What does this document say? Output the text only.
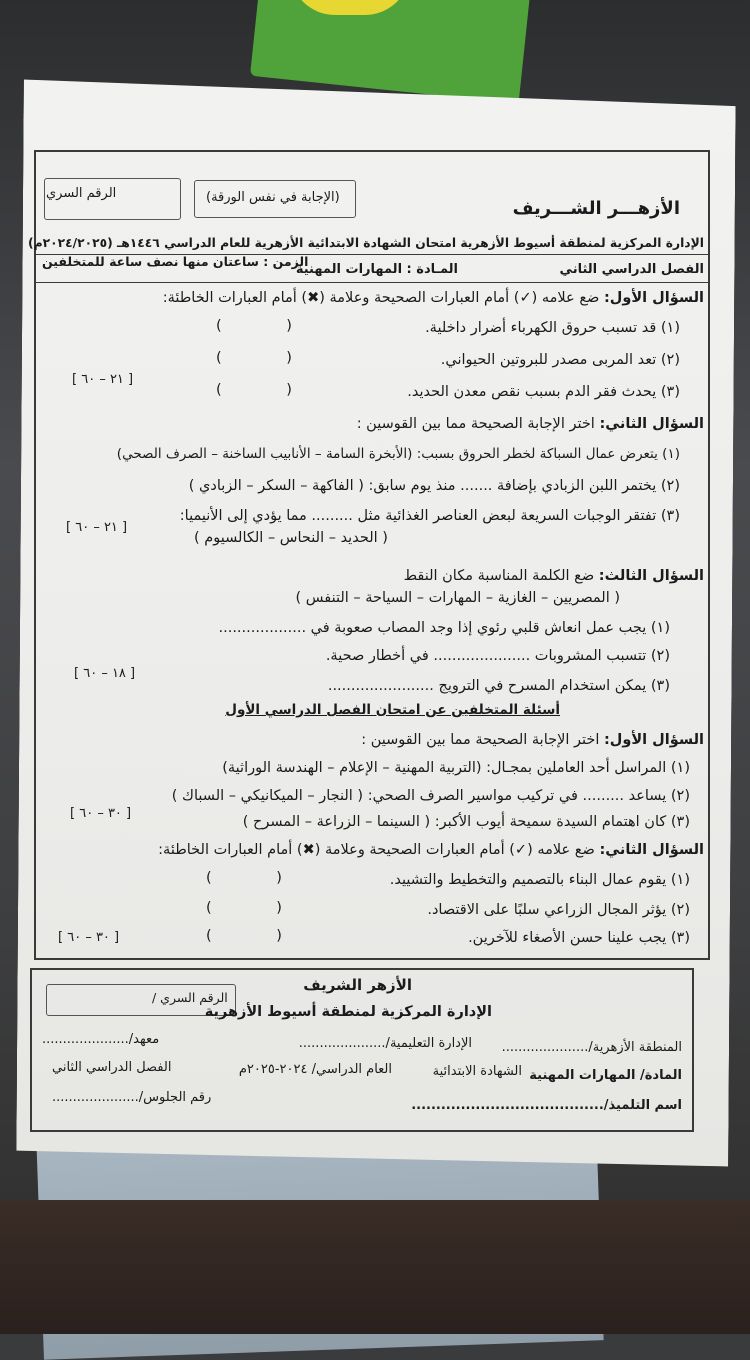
الأزهـــر الشـــريف
(الإجابة في نفس الورقة)
الرقم السري
الإدارة المركزية لمنطقة أسيوط الأزهرية امتحان الشهادة الابتدائية الأزهرية للعام الدراسي ١٤٤٦هـ (٢٠٢٤/٢٠٢٥م)
الفصل الدراسي الثاني
المـادة : المهارات المهنية
الزمن : ساعتان منها نصف ساعة للمتخلفين
السؤال الأول: ضع علامه (✓) أمام العبارات الصحيحة وعلامة (✖) أمام العبارات الخاطئة:
(١) قد تسبب حروق الكهرباء أضرار داخلية.
(٢) تعد المربى مصدر للبروتين الحيواني.
(٣) يحدث فقر الدم بسبب نقص معدن الحديد.
( )
( )
( )
[ ٢١ – ٦٠ ]
السؤال الثاني: اختر الإجابة الصحيحة مما بين القوسين :
(١) يتعرض عمال السباكة لخطر الحروق بسبب: (الأبخرة السامة – الأنابيب الساخنة – الصرف الصحي)
(٢) يختمر اللبن الزبادي بإضافة ....... منذ يوم سابق: ( الفاكهة – السكر – الزبادي )
(٣) تفتقر الوجبات السريعة لبعض العناصر الغذائية مثل ......... مما يؤدي إلى الأنيميا:
( الحديد – النحاس – الكالسيوم )
[ ٢١ – ٦٠ ]
السؤال الثالث: ضع الكلمة المناسبة مكان النقط
( المصريين – الغازية – المهارات – السياحة – التنفس )
(١) يجب عمل انعاش قلبي رئوي إذا وجد المصاب صعوبة في ...................
(٢) تتسبب المشروبات ..................... في أخطار صحية.
(٣) يمكن استخدام المسرح في الترويج .......................
[ ١٨ – ٦٠ ]
أسئلة المتخلفين عن امتحان الفصل الدراسي الأول
السؤال الأول: اختر الإجابة الصحيحة مما بين القوسين :
(١) المراسل أحد العاملين بمجـال: (التربية المهنية – الإعلام – الهندسة الوراثية)
(٢) يساعد ......... في تركيب مواسير الصرف الصحي: ( النجار – الميكانيكي – السباك )
(٣) كان اهتمام السيدة سميحة أيوب الأكبر: ( السينما – الزراعة – المسرح )
[ ٣٠ – ٦٠ ]
السؤال الثاني: ضع علامه (✓) أمام العبارات الصحيحة وعلامة (✖) أمام العبارات الخاطئة:
(١) يقوم عمال البناء بالتصميم والتخطيط والتشييد.
(٢) يؤثر المجال الزراعي سلبًا على الاقتصاد.
(٣) يجب علينا حسن الأصغاء للآخرين.
( )
( )
( )
[ ٣٠ – ٦٠ ]
الأزهر الشريف
الرقم السري /
الإدارة المركزية لمنطقة أسيوط الأزهرية
المنطقة الأزهرية/.....................
الإدارة التعليمية/.....................
معهد/.....................
المادة/ المهارات المهنية
الشهادة الابتدائية
العام الدراسي/ ٢٠٢٤-٢٠٢٥م
الفصل الدراسي الثاني
اسم التلميذ/.......................................
رقم الجلوس/.....................
